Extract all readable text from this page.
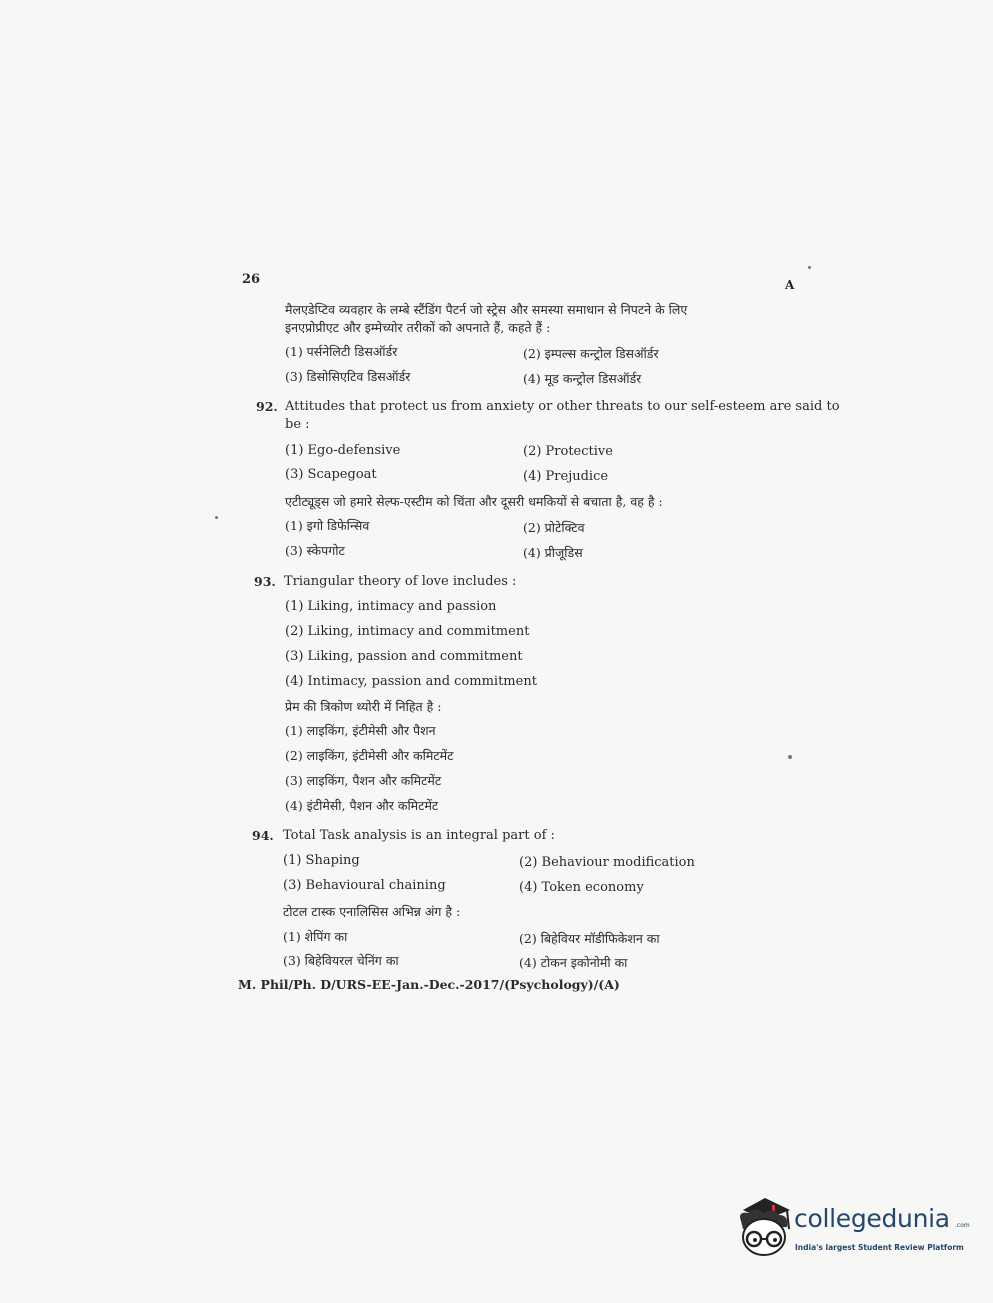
26	A
मैलएडेप्टिव व्यवहार के लम्बे स्टैंडिंग पैटर्न जो स्ट्रेस और समस्या समाधान से निपटने के लिए
इनएप्रोप्रीएट और इम्मेच्योर तरीकों को अपनाते हैं, कहते हैं :
(1) पर्सनेलिटी डिसऑर्डर	(2) इम्पल्स कन्ट्रोल डिसऑर्डर
(3) डिसोसिएटिव डिसऑर्डर	(4) मूड कन्ट्रोल डिसऑर्डर
92. Attitudes that protect us from anxiety or other threats to our self-esteem are said to
be :
(1) Ego-defensive	(2) Protective
(3) Scapegoat	(4) Prejudice
एटीट्यूड्स जो हमारे सेल्फ-एस्टीम को चिंता और दूसरी धमकियों से बचाता है, वह है :
(1) इगो डिफेन्सिव	(2) प्रोटेक्टिव
(3) स्केपगोट	(4) प्रीजूडिस
93. Triangular theory of love includes :
(1) Liking, intimacy and passion
(2) Liking, intimacy and commitment
(3) Liking, passion and commitment
(4) Intimacy, passion and commitment
प्रेम की त्रिकोण थ्योरी में निहित है :
(1) लाइकिंग, इंटीमेसी और पैशन
(2) लाइकिंग, इंटीमेसी और कमिटमेंट
(3) लाइकिंग, पैशन और कमिटमेंट
(4) इंटीमेसी, पैशन और कमिटमेंट
94. Total Task analysis is an integral part of :
(1) Shaping	(2) Behaviour modification
(3) Behavioural chaining	(4) Token economy
टोटल टास्क एनालिसिस अभिन्न अंग है :
(1) शेपिंग का	(2) बिहेवियर मॉडीफिकेशन का
(3) बिहेवियरल चेनिंग का	(4) टोकन इकोनोमी का
M. Phil/Ph. D/URS-EE-Jan.-Dec.-2017/(Psychology)/(A)
collegedunia .com
India's largest Student Review Platform
